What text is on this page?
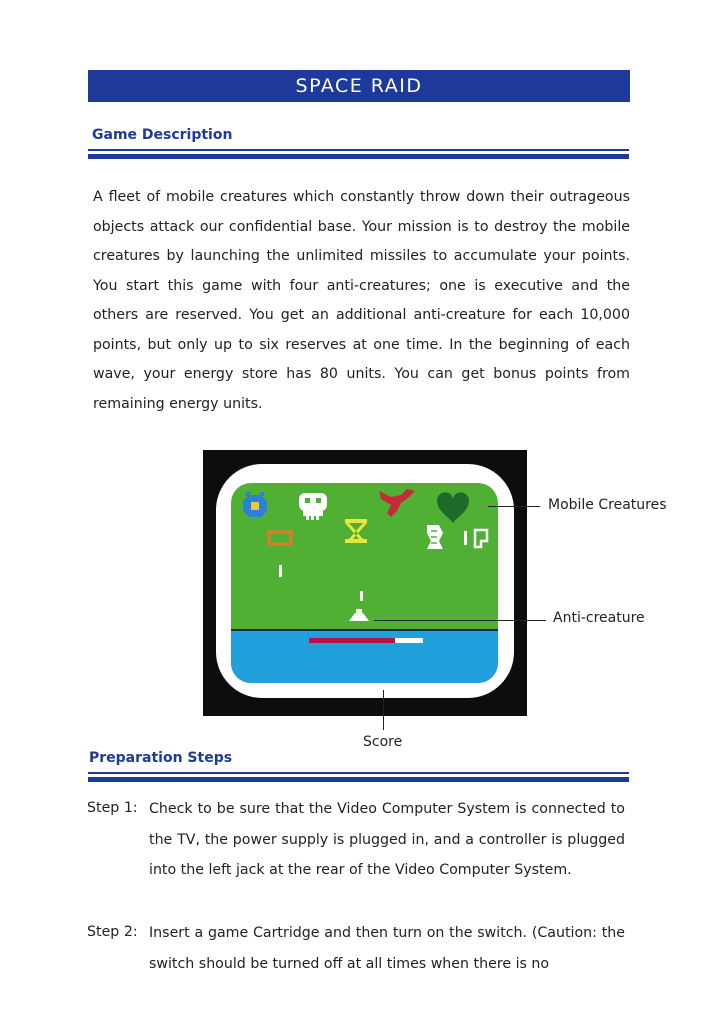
SPACE RAID
Game Description
A fleet of mobile creatures which constantly throw down their outrageous objects attack our confidential base. Your mission is to destroy the mobile creatures by launching the unlimited missiles to accumulate your points. You start this game with four anti-creatures; one is executive and the others are reserved. You get an additional anti-creature for each 10,000 points, but only up to six reserves at one time. In the beginning of each wave, your energy store has 80 units. You can get bonus points from remaining energy units.
Mobile Creatures
Anti-creature
Score
Preparation Steps
Step 1: Check to be sure that the Video Computer System is connected to the TV, the power supply is plugged in, and a controller is plugged into the left jack at the rear of the Video Computer System.
Step 2: Insert a game Cartridge and then turn on the switch. (Caution: the switch should be turned off at all times when there is no
